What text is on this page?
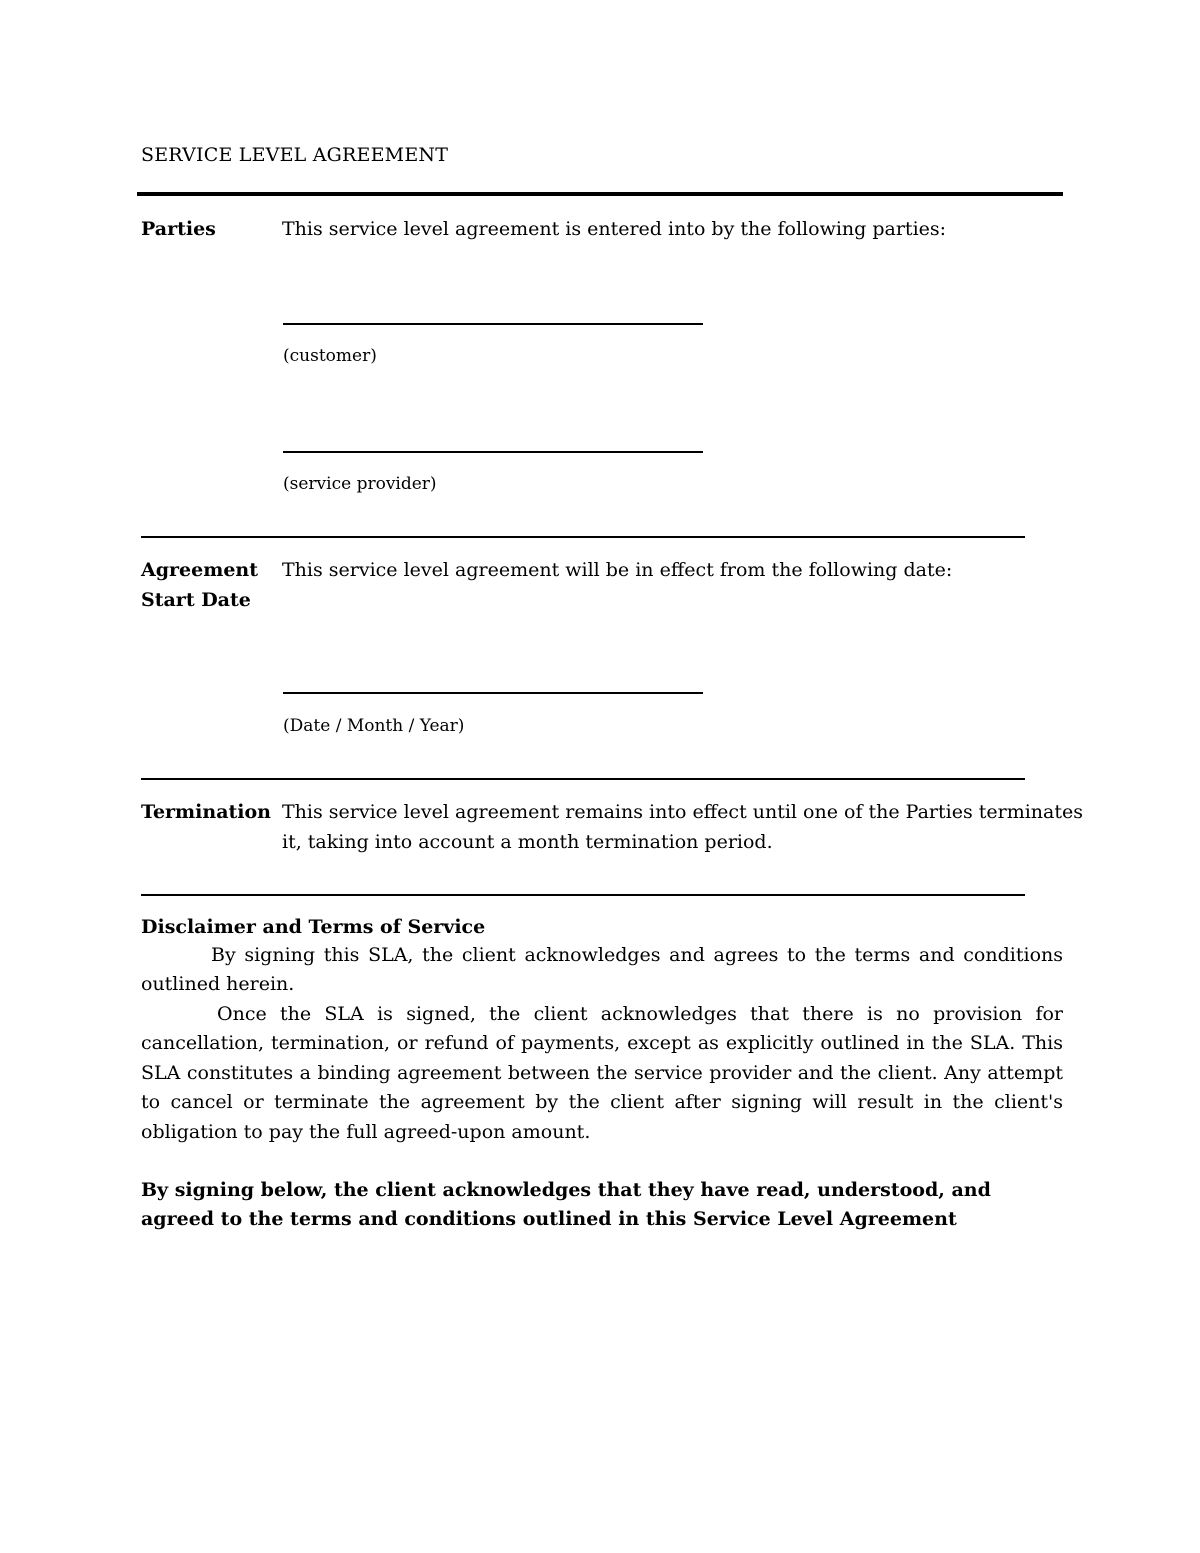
SERVICE LEVEL AGREEMENT
Parties	This service level agreement is entered into by the following parties:
(customer)
(service provider)
Agreement
Start Date
This service level agreement will be in effect from the following date:
(Date / Month / Year)
Termination This service level agreement remains into effect until one of the Parties terminates
it, taking into account a month termination period.
Disclaimer and Terms of Service
By signing this SLA, the client acknowledges and agrees to the terms and conditions outlined herein.
Once the SLA is signed, the client acknowledges that there is no provision for cancellation, termination, or refund of payments, except as explicitly outlined in the SLA. This SLA constitutes a binding agreement between the service provider and the client. Any attempt to cancel or terminate the agreement by the client after signing will result in the client's obligation to pay the full agreed-upon amount.
By signing below, the client acknowledges that they have read, understood, and agreed to the terms and conditions outlined in this Service Level Agreement
